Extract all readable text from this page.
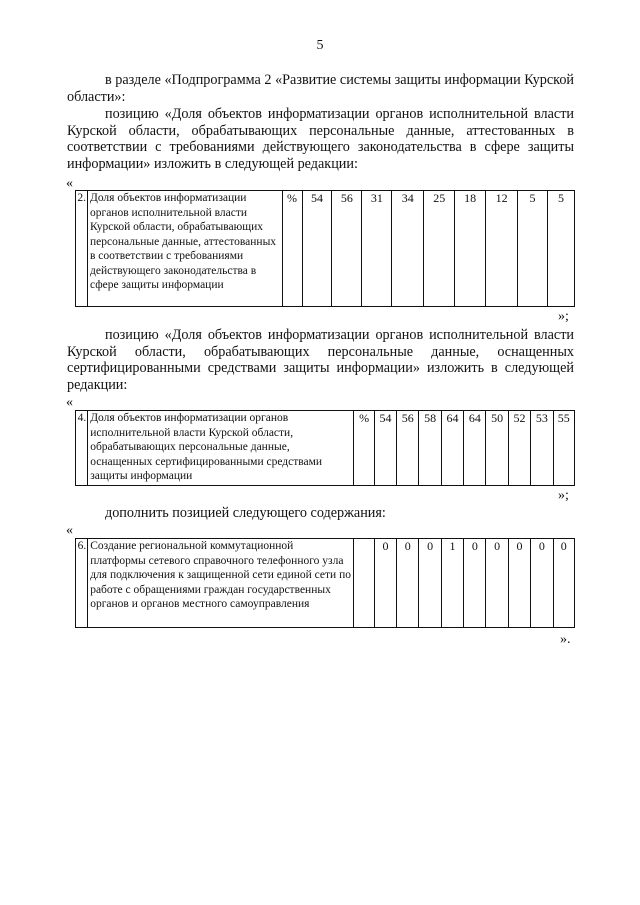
5

в разделе «Подпрограмма 2 «Развитие системы защиты информации Курской области»:

позицию «Доля объектов информатизации органов исполнительной власти Курской области, обрабатывающих персональные данные, аттестованных в соответствии с требованиями действующего законодательства в сфере защиты информации» изложить в следующей редакции:

«
2.	Доля объектов информатизации органов исполнительной власти Курской области, обрабатывающих персональные данные, аттестованных в соответствии с требованиями действующего законодательства в сфере защиты информации	%	54	56	31	34	25	18	12	5	5
»;

позицию «Доля объектов информатизации органов исполнительной власти Курской области, обрабатывающих персональные данные, оснащенных сертифицированными средствами защиты информации» изложить в следующей редакции:

«
4.	Доля объектов информатизации органов исполнительной власти Курской области, обрабатывающих персональные данные, оснащенных сертифицированными средствами защиты информации	%	54	56	58	64	64	50	52	53	55
»;

дополнить позицией следующего содержания:

«
6.	Создание региональной коммутационной платформы сетевого справочного телефонного узла для подключения к защищенной сети единой сети по работе с обращениями граждан государственных органов и органов местного самоуправления		0	0	0	1	0	0	0	0	0
».
